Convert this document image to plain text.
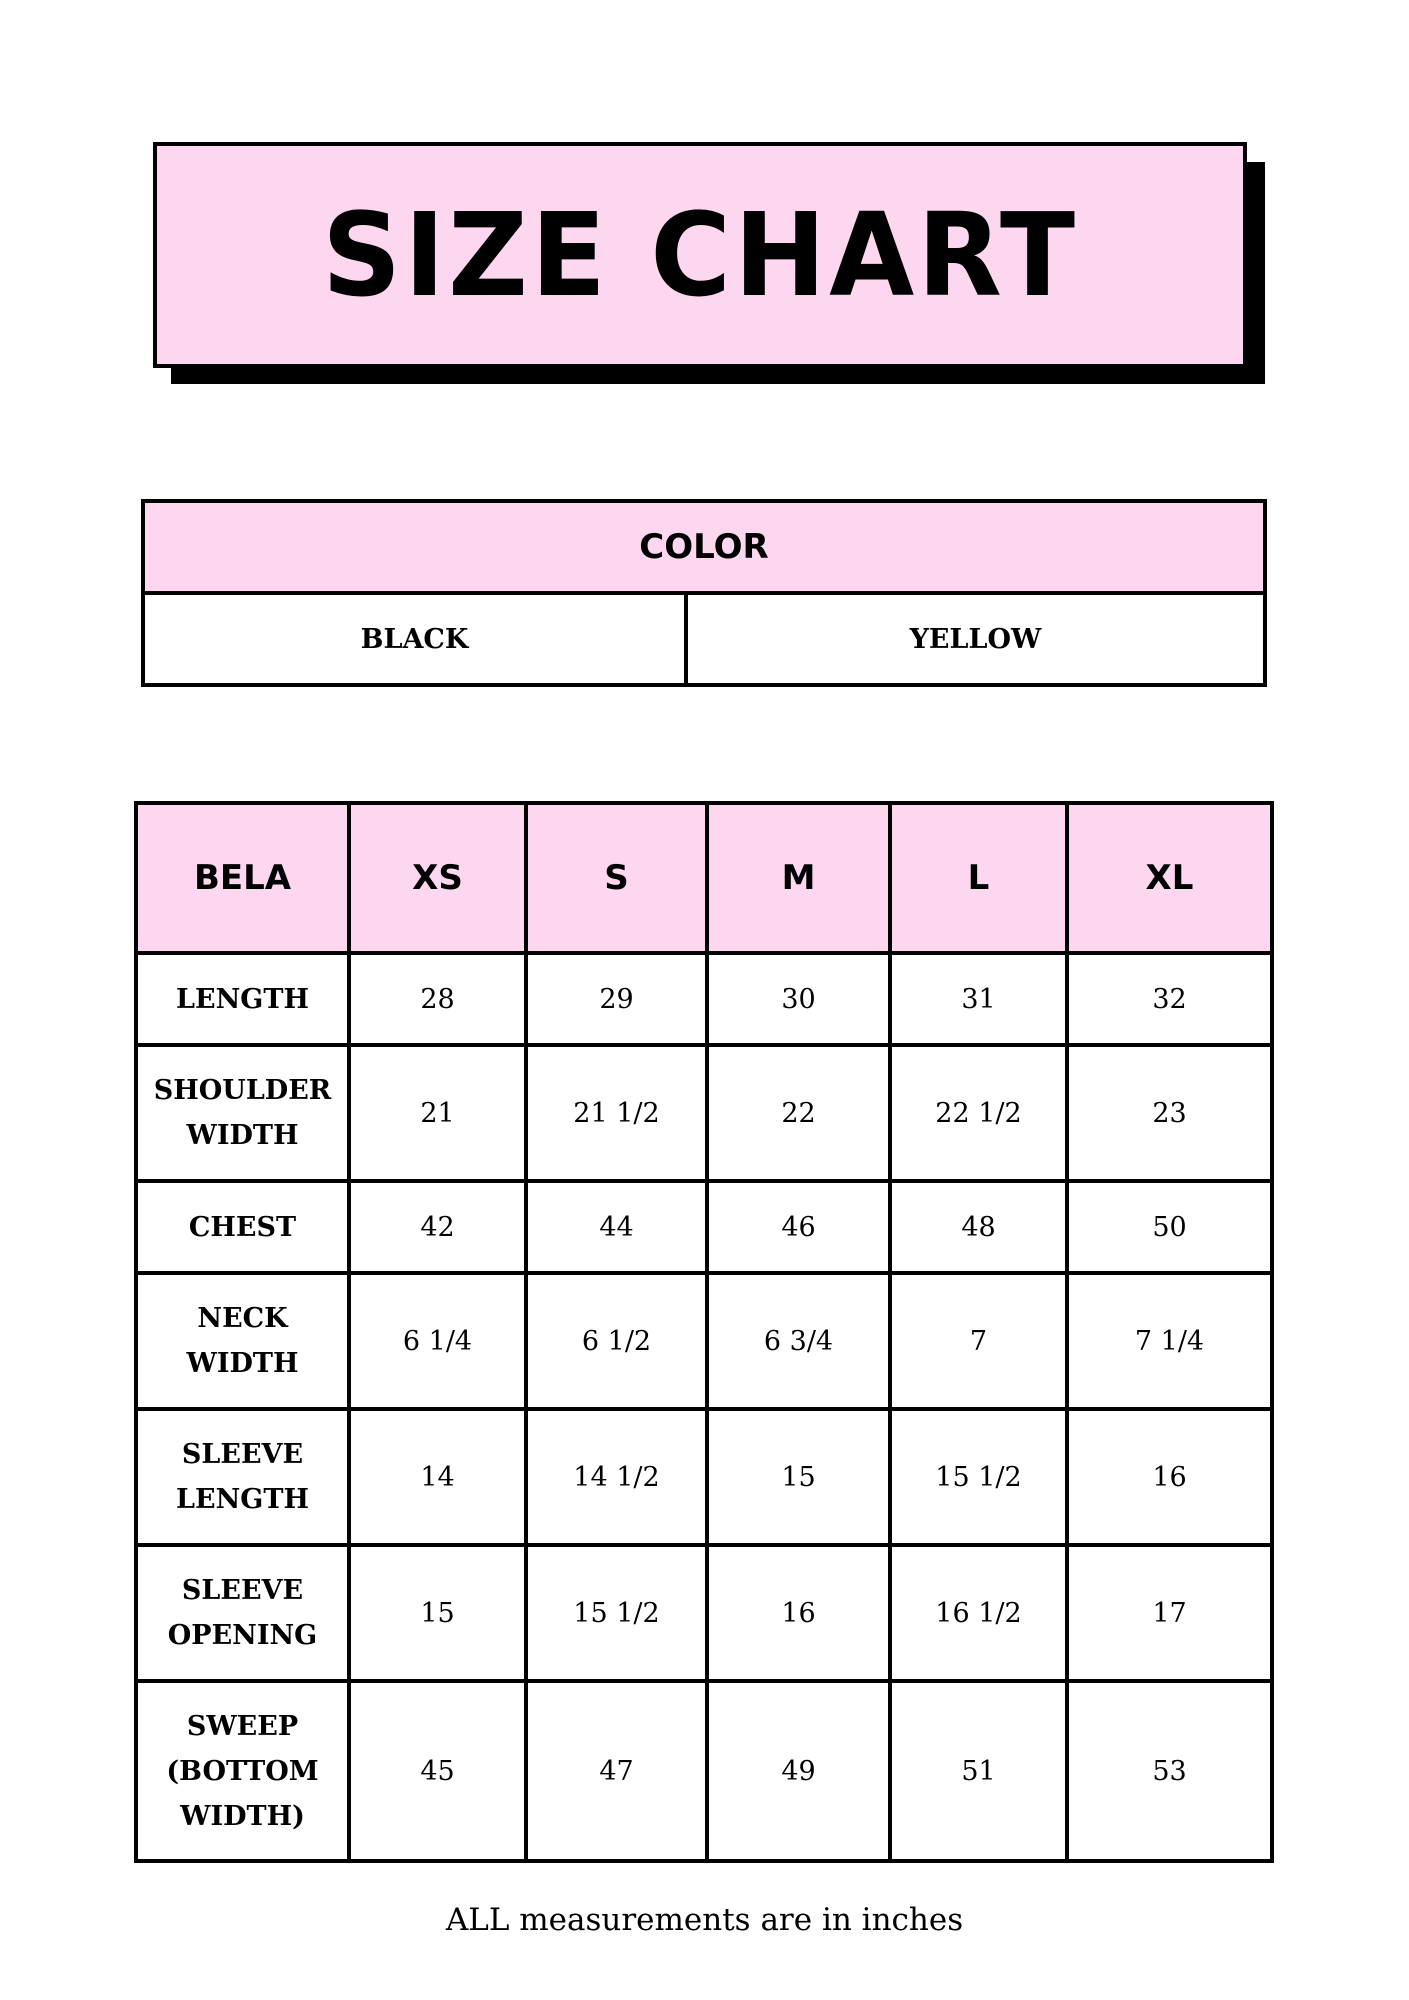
SIZE CHART
COLOR
BLACK	YELLOW
BELA	XS	S	M	L	XL
LENGTH	28	29	30	31	32
SHOULDER WIDTH	21	21 1/2	22	22 1/2	23
CHEST	42	44	46	48	50
NECK WIDTH	6 1/4	6 1/2	6 3/4	7	7 1/4
SLEEVE LENGTH	14	14 1/2	15	15 1/2	16
SLEEVE OPENING	15	15 1/2	16	16 1/2	17
SWEEP (BOTTOM WIDTH)	45	47	49	51	53
ALL measurements are in inches
